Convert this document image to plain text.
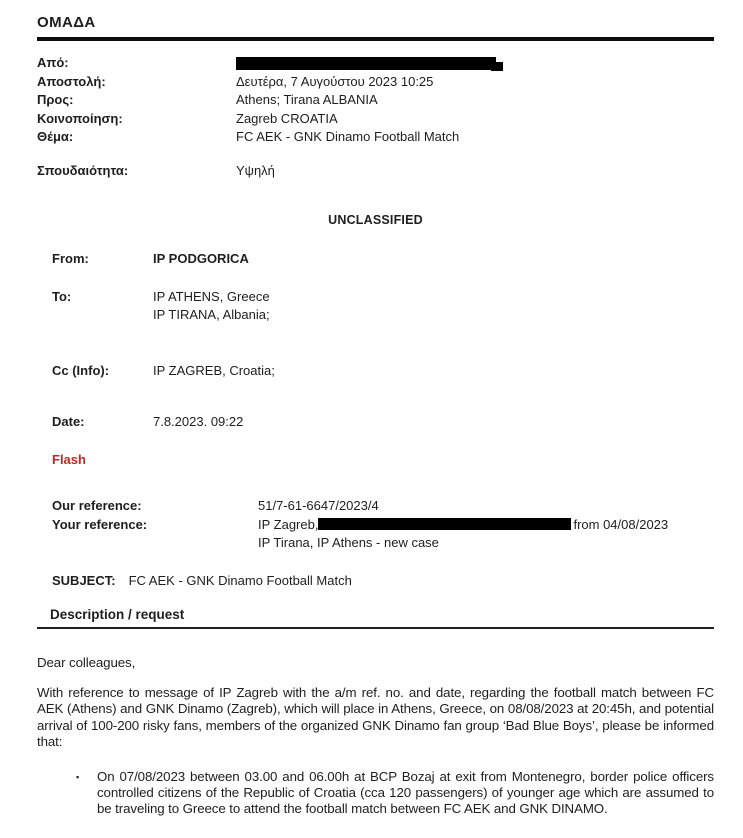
ΟΜΑΔΑ
Από:
Αποστολή:	Δευτέρα, 7 Αυγούστου 2023 10:25
Προς:	Athens; Tirana ALBANIA
Κοινοποίηση:	Zagreb CROATIA
Θέμα:	FC AEK - GNK Dinamo Football Match
Σπουδαιότητα:	Υψηλή
UNCLASSIFIED
From:	IP PODGORICA
To:	IP ATHENS, Greece
IP TIRANA, Albania;
Cc (Info):	IP ZAGREB, Croatia;
Date:	7.8.2023. 09:22
Flash
Our reference:	51/7-61-6647/2023/4
Your reference:	IP Zagreb,	from 04/08/2023
IP Tirana, IP Athens - new case
SUBJECT: FC AEK - GNK Dinamo Football Match
Description / request
Dear colleagues,
With reference to message of IP Zagreb with the a/m ref. no. and date, regarding the football match between FC AEK (Athens) and GNK Dinamo (Zagreb), which will place in Athens, Greece, on 08/08/2023 at 20:45h, and potential arrival of 100-200 risky fans, members of the organized GNK Dinamo fan group ‘Bad Blue Boys’, please be informed that:
▪	On 07/08/2023 between 03.00 and 06.00h at BCP Bozaj at exit from Montenegro, border police officers controlled citizens of the Republic of Croatia (cca 120 passengers) of younger age which are assumed to be traveling to Greece to attend the football match between FC AEK and GNK DINAMO.
